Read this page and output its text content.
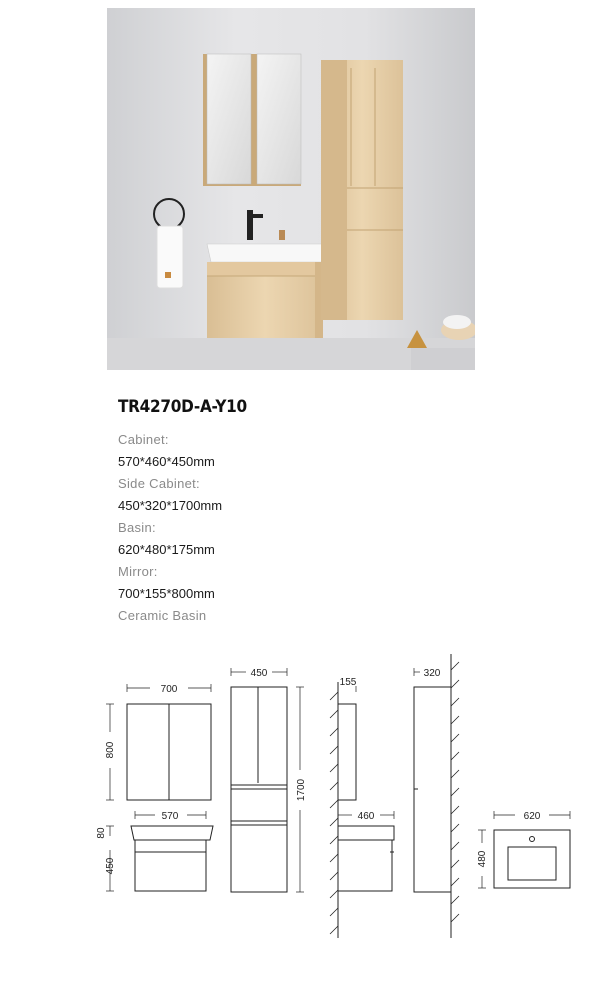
TR4270D-A-Y10
Cabinet:
570*460*450mm
Side Cabinet:
450*320*1700mm
Basin:
620*480*175mm
Mirror:
700*155*800mm
Ceramic Basin
700
450
800
1700
155
320
570
80
450
460	620
480
